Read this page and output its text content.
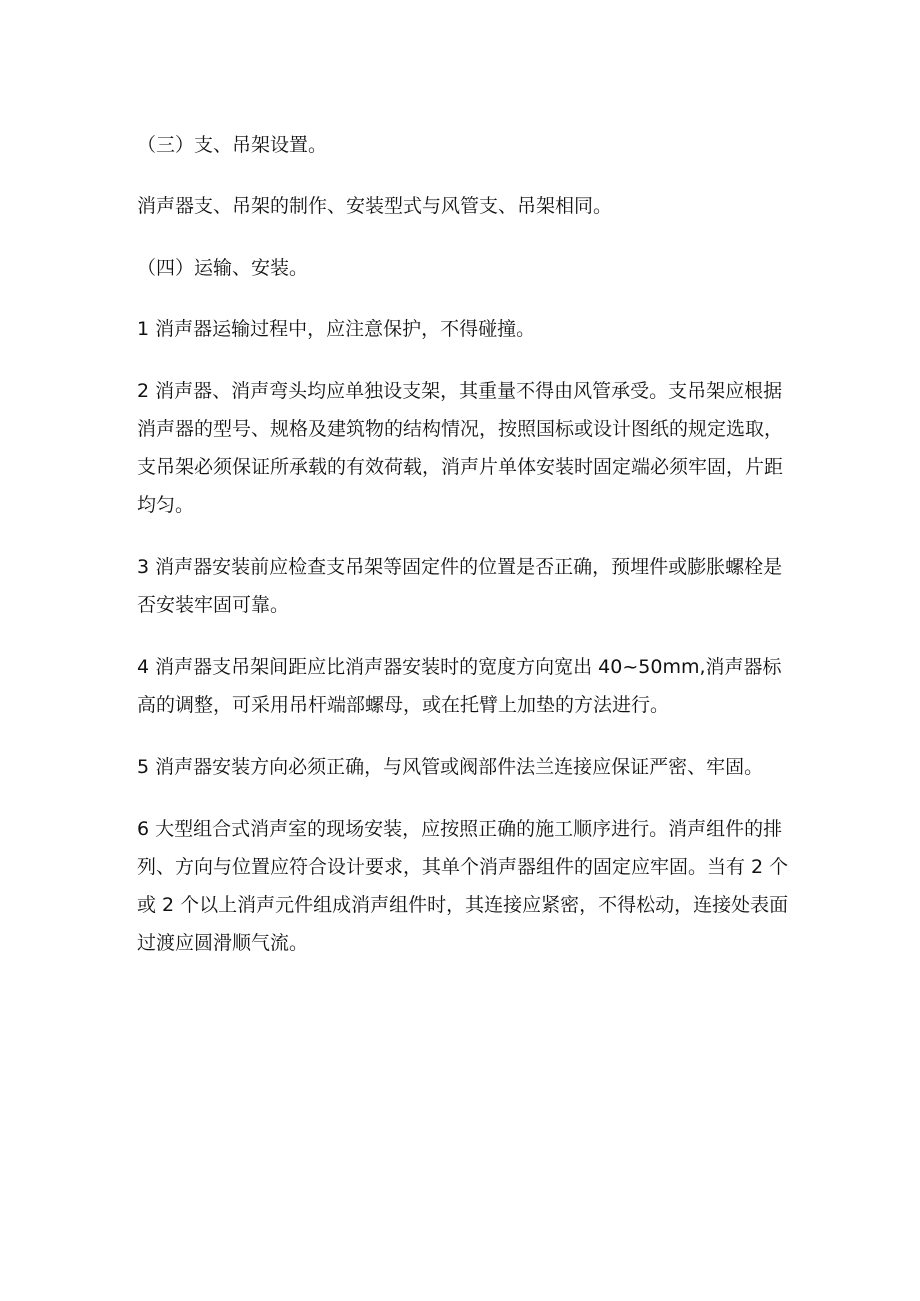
（三）支、吊架设置。

消声器支、吊架的制作、安装型式与风管支、吊架相同。

（四）运输、安装。

1 消声器运输过程中，应注意保护，不得碰撞。

2 消声器、消声弯头均应单独设支架，其重量不得由风管承受。支吊架应根据消声器的型号、规格及建筑物的结构情况，按照国标或设计图纸的规定选取，支吊架必须保证所承载的有效荷载，消声片单体安装时固定端必须牢固，片距均匀。

3 消声器安装前应检查支吊架等固定件的位置是否正确，预埋件或膨胀螺栓是否安装牢固可靠。

4 消声器支吊架间距应比消声器安装时的宽度方向宽出 40~50mm,消声器标高的调整，可采用吊杆端部螺母，或在托臂上加垫的方法进行。

5 消声器安装方向必须正确，与风管或阀部件法兰连接应保证严密、牢固。

6 大型组合式消声室的现场安装，应按照正确的施工顺序进行。消声组件的排列、方向与位置应符合设计要求，其单个消声器组件的固定应牢固。当有 2 个或 2 个以上消声元件组成消声组件时，其连接应紧密，不得松动，连接处表面过渡应圆滑顺气流。
